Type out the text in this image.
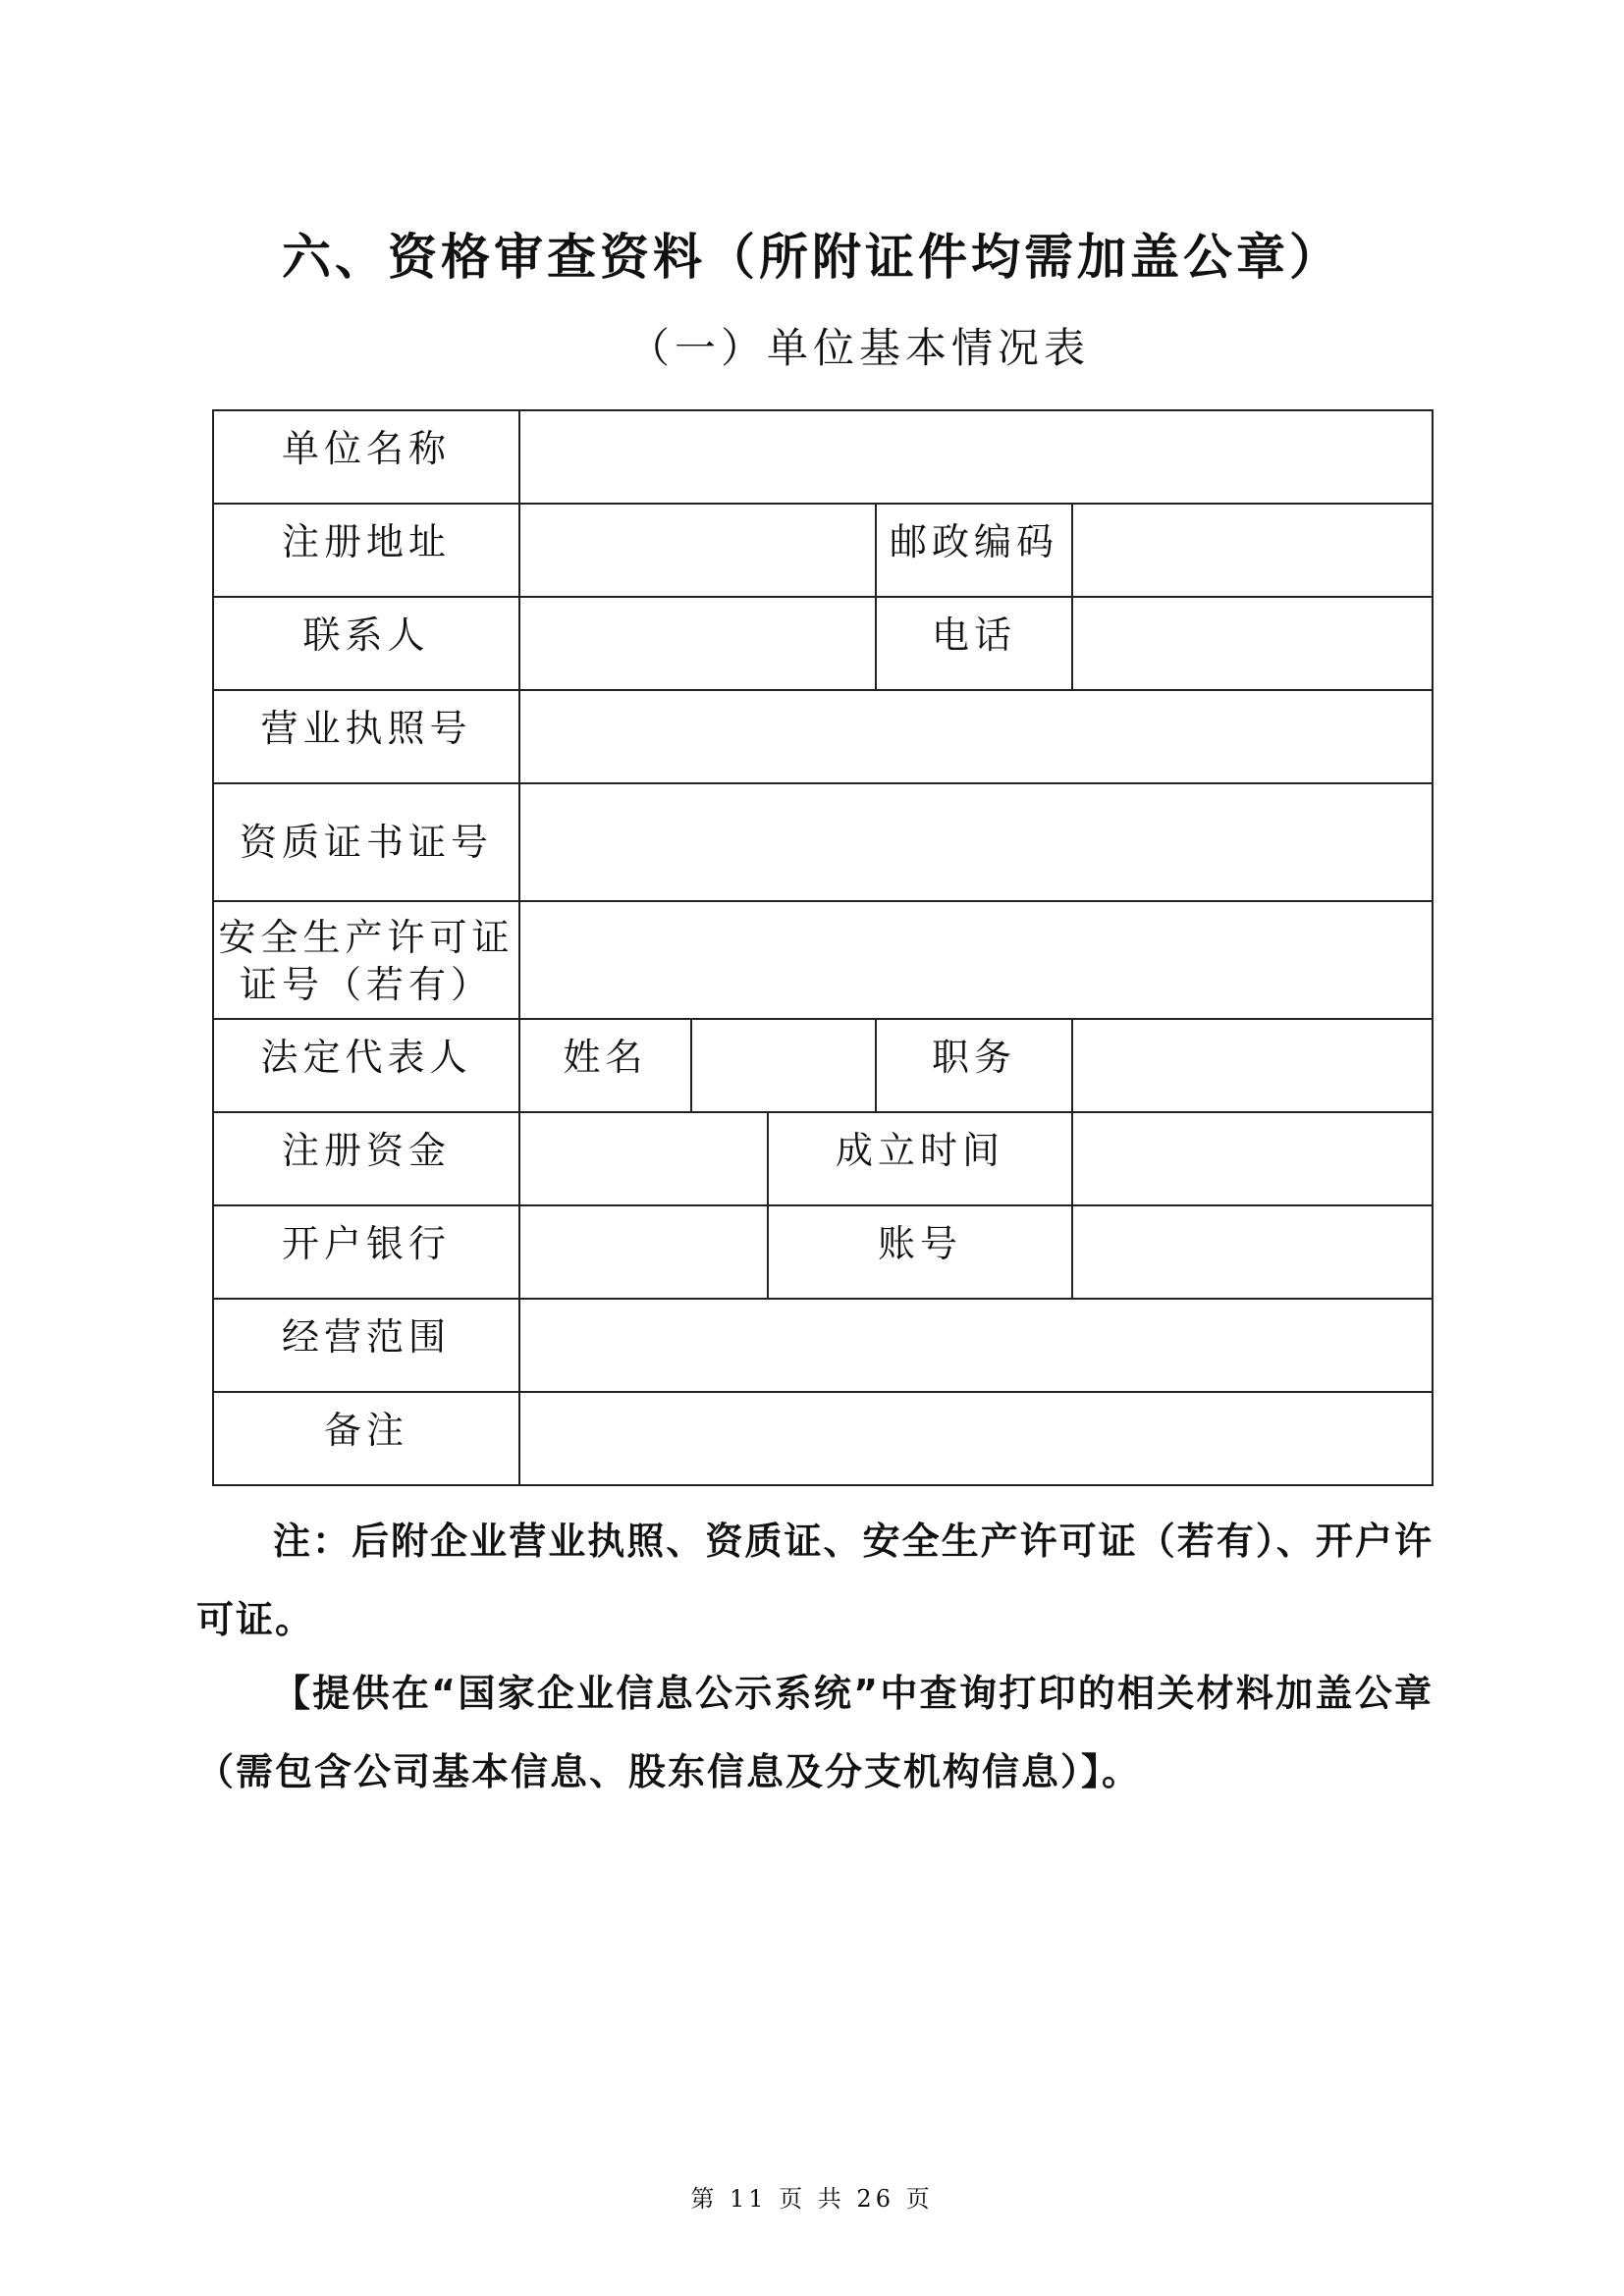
六、资格审查资料（所附证件均需加盖公章）
（一）单位基本情况表
单位名称					

注册地址				邮政编码	

联系人				电话	

营业执照号					

资质证书证号					

安全生产许可证
证号（若有）					

法定代表人	姓名			职务	

注册资金			成立时间		

开户银行			账号		

经营范围					

备注					

注：后附企业营业执照、资质证、安全生产许可证（若有）、开户许可证。

【提供在“国家企业信息公示系统”中查询打印的相关材料加盖公章（需包含公司基本信息、股东信息及分支机构信息）】。

第 11 页 共 26 页
